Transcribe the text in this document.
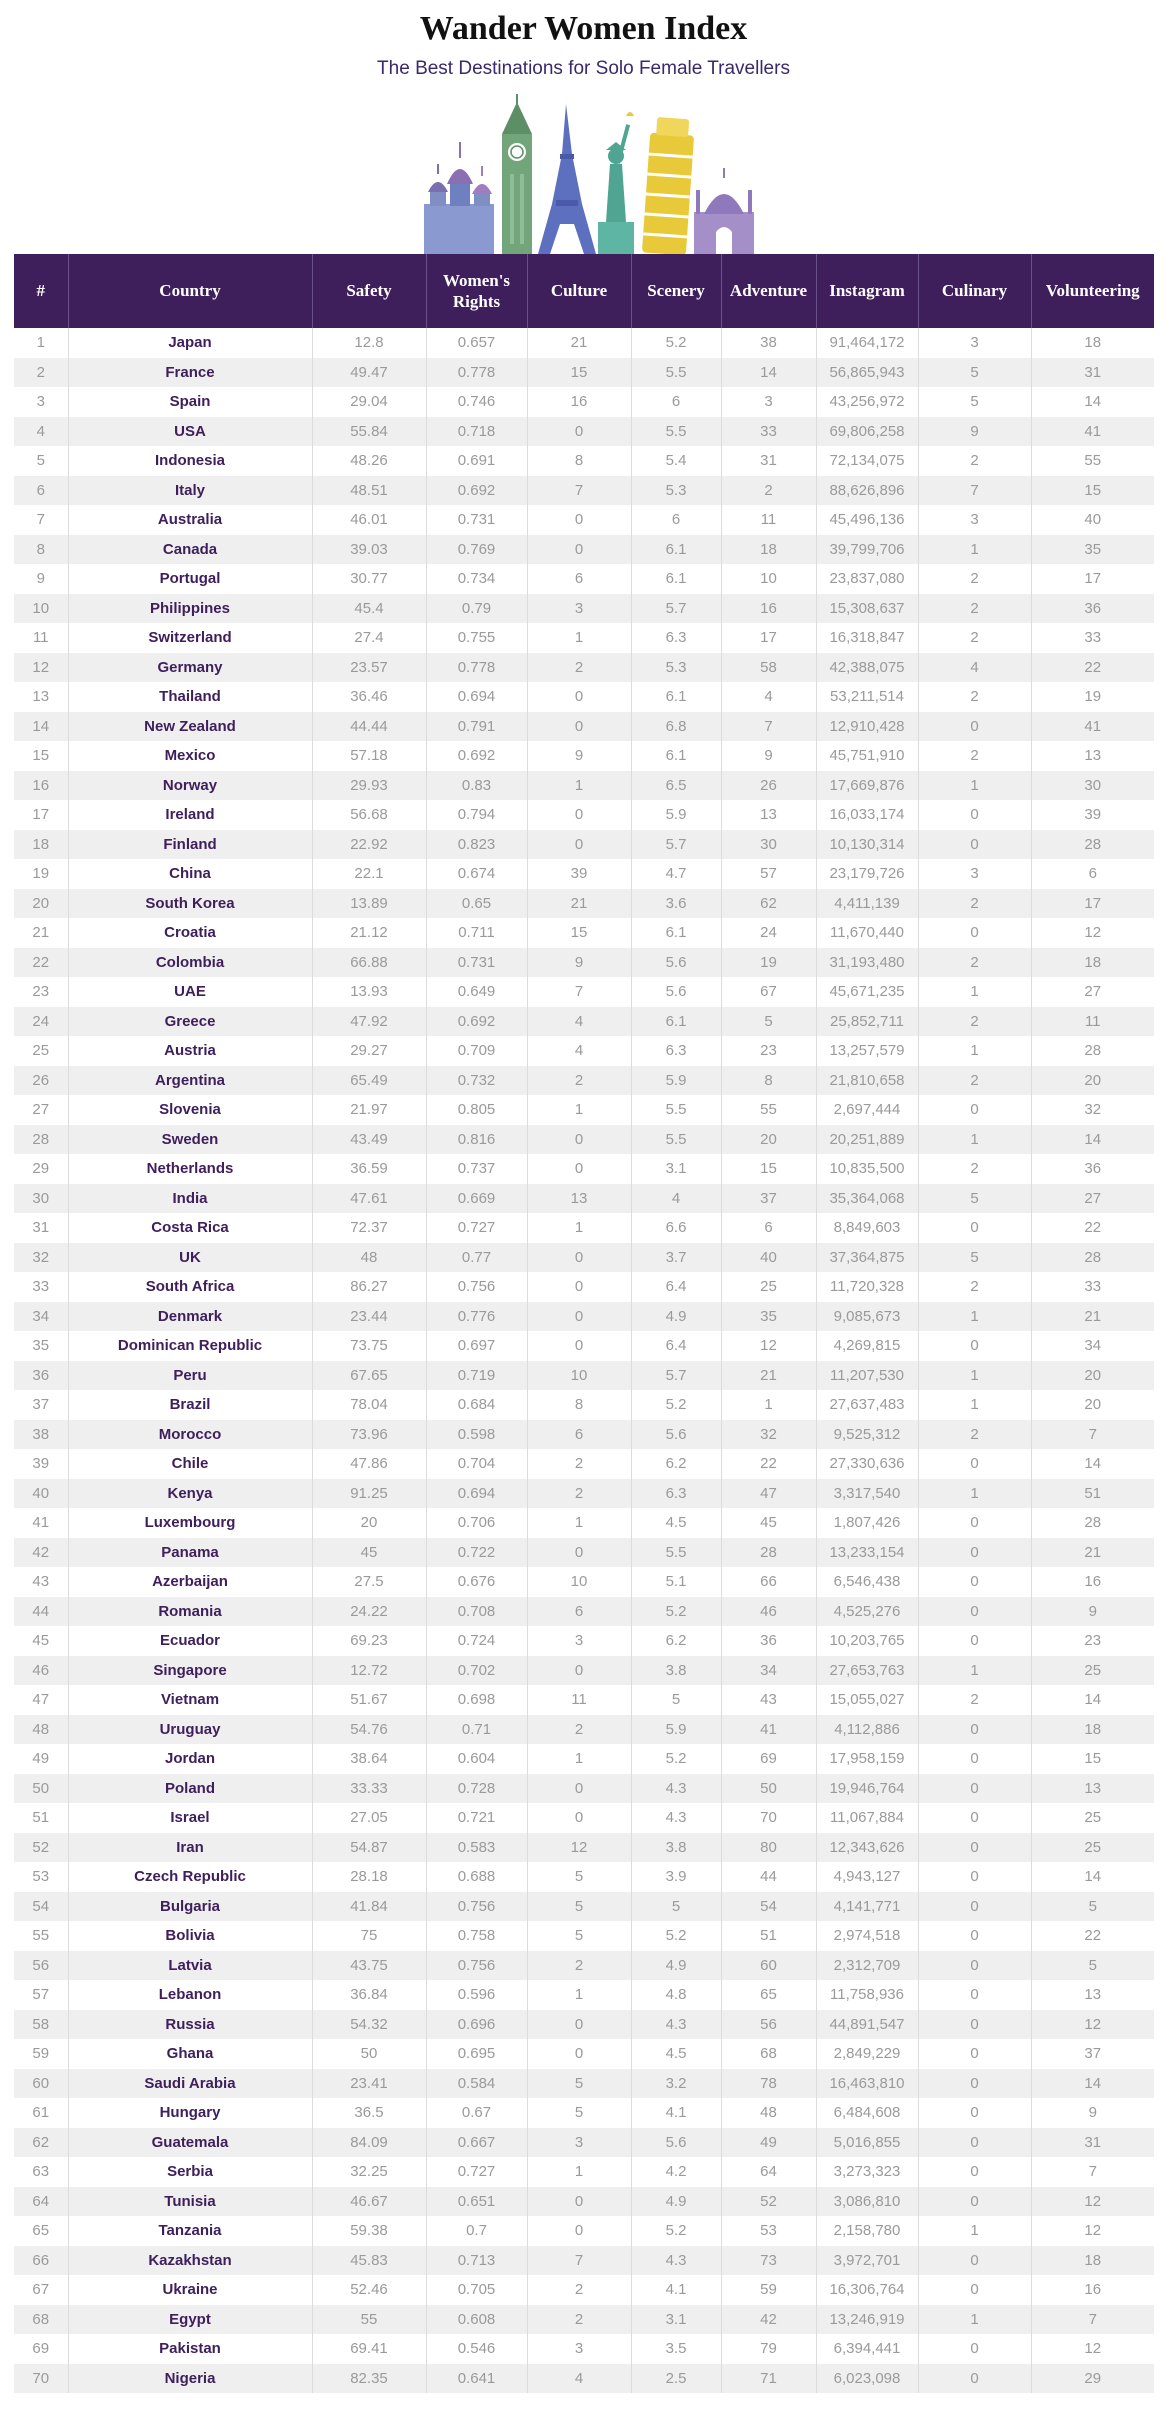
Wander Women Index

The Best Destinations for Solo Female Travellers

#	Country	Safety	Women's Rights	Culture	Scenery	Adventure	Instagram	Culinary	Volunteering
1	Japan	12.8	0.657	21	5.2	38	91,464,172	3	18
2	France	49.47	0.778	15	5.5	14	56,865,943	5	31
3	Spain	29.04	0.746	16	6	3	43,256,972	5	14
4	USA	55.84	0.718	0	5.5	33	69,806,258	9	41
5	Indonesia	48.26	0.691	8	5.4	31	72,134,075	2	55
6	Italy	48.51	0.692	7	5.3	2	88,626,896	7	15
7	Australia	46.01	0.731	0	6	11	45,496,136	3	40
8	Canada	39.03	0.769	0	6.1	18	39,799,706	1	35
9	Portugal	30.77	0.734	6	6.1	10	23,837,080	2	17
10	Philippines	45.4	0.79	3	5.7	16	15,308,637	2	36
11	Switzerland	27.4	0.755	1	6.3	17	16,318,847	2	33
12	Germany	23.57	0.778	2	5.3	58	42,388,075	4	22
13	Thailand	36.46	0.694	0	6.1	4	53,211,514	2	19
14	New Zealand	44.44	0.791	0	6.8	7	12,910,428	0	41
15	Mexico	57.18	0.692	9	6.1	9	45,751,910	2	13
16	Norway	29.93	0.83	1	6.5	26	17,669,876	1	30
17	Ireland	56.68	0.794	0	5.9	13	16,033,174	0	39
18	Finland	22.92	0.823	0	5.7	30	10,130,314	0	28
19	China	22.1	0.674	39	4.7	57	23,179,726	3	6
20	South Korea	13.89	0.65	21	3.6	62	4,411,139	2	17
21	Croatia	21.12	0.711	15	6.1	24	11,670,440	0	12
22	Colombia	66.88	0.731	9	5.6	19	31,193,480	2	18
23	UAE	13.93	0.649	7	5.6	67	45,671,235	1	27
24	Greece	47.92	0.692	4	6.1	5	25,852,711	2	11
25	Austria	29.27	0.709	4	6.3	23	13,257,579	1	28
26	Argentina	65.49	0.732	2	5.9	8	21,810,658	2	20
27	Slovenia	21.97	0.805	1	5.5	55	2,697,444	0	32
28	Sweden	43.49	0.816	0	5.5	20	20,251,889	1	14
29	Netherlands	36.59	0.737	0	3.1	15	10,835,500	2	36
30	India	47.61	0.669	13	4	37	35,364,068	5	27
31	Costa Rica	72.37	0.727	1	6.6	6	8,849,603	0	22
32	UK	48	0.77	0	3.7	40	37,364,875	5	28
33	South Africa	86.27	0.756	0	6.4	25	11,720,328	2	33
34	Denmark	23.44	0.776	0	4.9	35	9,085,673	1	21
35	Dominican Republic	73.75	0.697	0	6.4	12	4,269,815	0	34
36	Peru	67.65	0.719	10	5.7	21	11,207,530	1	20
37	Brazil	78.04	0.684	8	5.2	1	27,637,483	1	20
38	Morocco	73.96	0.598	6	5.6	32	9,525,312	2	7
39	Chile	47.86	0.704	2	6.2	22	27,330,636	0	14
40	Kenya	91.25	0.694	2	6.3	47	3,317,540	1	51
41	Luxembourg	20	0.706	1	4.5	45	1,807,426	0	28
42	Panama	45	0.722	0	5.5	28	13,233,154	0	21
43	Azerbaijan	27.5	0.676	10	5.1	66	6,546,438	0	16
44	Romania	24.22	0.708	6	5.2	46	4,525,276	0	9
45	Ecuador	69.23	0.724	3	6.2	36	10,203,765	0	23
46	Singapore	12.72	0.702	0	3.8	34	27,653,763	1	25
47	Vietnam	51.67	0.698	11	5	43	15,055,027	2	14
48	Uruguay	54.76	0.71	2	5.9	41	4,112,886	0	18
49	Jordan	38.64	0.604	1	5.2	69	17,958,159	0	15
50	Poland	33.33	0.728	0	4.3	50	19,946,764	0	13
51	Israel	27.05	0.721	0	4.3	70	11,067,884	0	25
52	Iran	54.87	0.583	12	3.8	80	12,343,626	0	25
53	Czech Republic	28.18	0.688	5	3.9	44	4,943,127	0	14
54	Bulgaria	41.84	0.756	5	5	54	4,141,771	0	5
55	Bolivia	75	0.758	5	5.2	51	2,974,518	0	22
56	Latvia	43.75	0.756	2	4.9	60	2,312,709	0	5
57	Lebanon	36.84	0.596	1	4.8	65	11,758,936	0	13
58	Russia	54.32	0.696	0	4.3	56	44,891,547	0	12
59	Ghana	50	0.695	0	4.5	68	2,849,229	0	37
60	Saudi Arabia	23.41	0.584	5	3.2	78	16,463,810	0	14
61	Hungary	36.5	0.67	5	4.1	48	6,484,608	0	9
62	Guatemala	84.09	0.667	3	5.6	49	5,016,855	0	31
63	Serbia	32.25	0.727	1	4.2	64	3,273,323	0	7
64	Tunisia	46.67	0.651	0	4.9	52	3,086,810	0	12
65	Tanzania	59.38	0.7	0	5.2	53	2,158,780	1	12
66	Kazakhstan	45.83	0.713	7	4.3	73	3,972,701	0	18
67	Ukraine	52.46	0.705	2	4.1	59	16,306,764	0	16
68	Egypt	55	0.608	2	3.1	42	13,246,919	1	7
69	Pakistan	69.41	0.546	3	3.5	79	6,394,441	0	12
70	Nigeria	82.35	0.641	4	2.5	71	6,023,098	0	29
